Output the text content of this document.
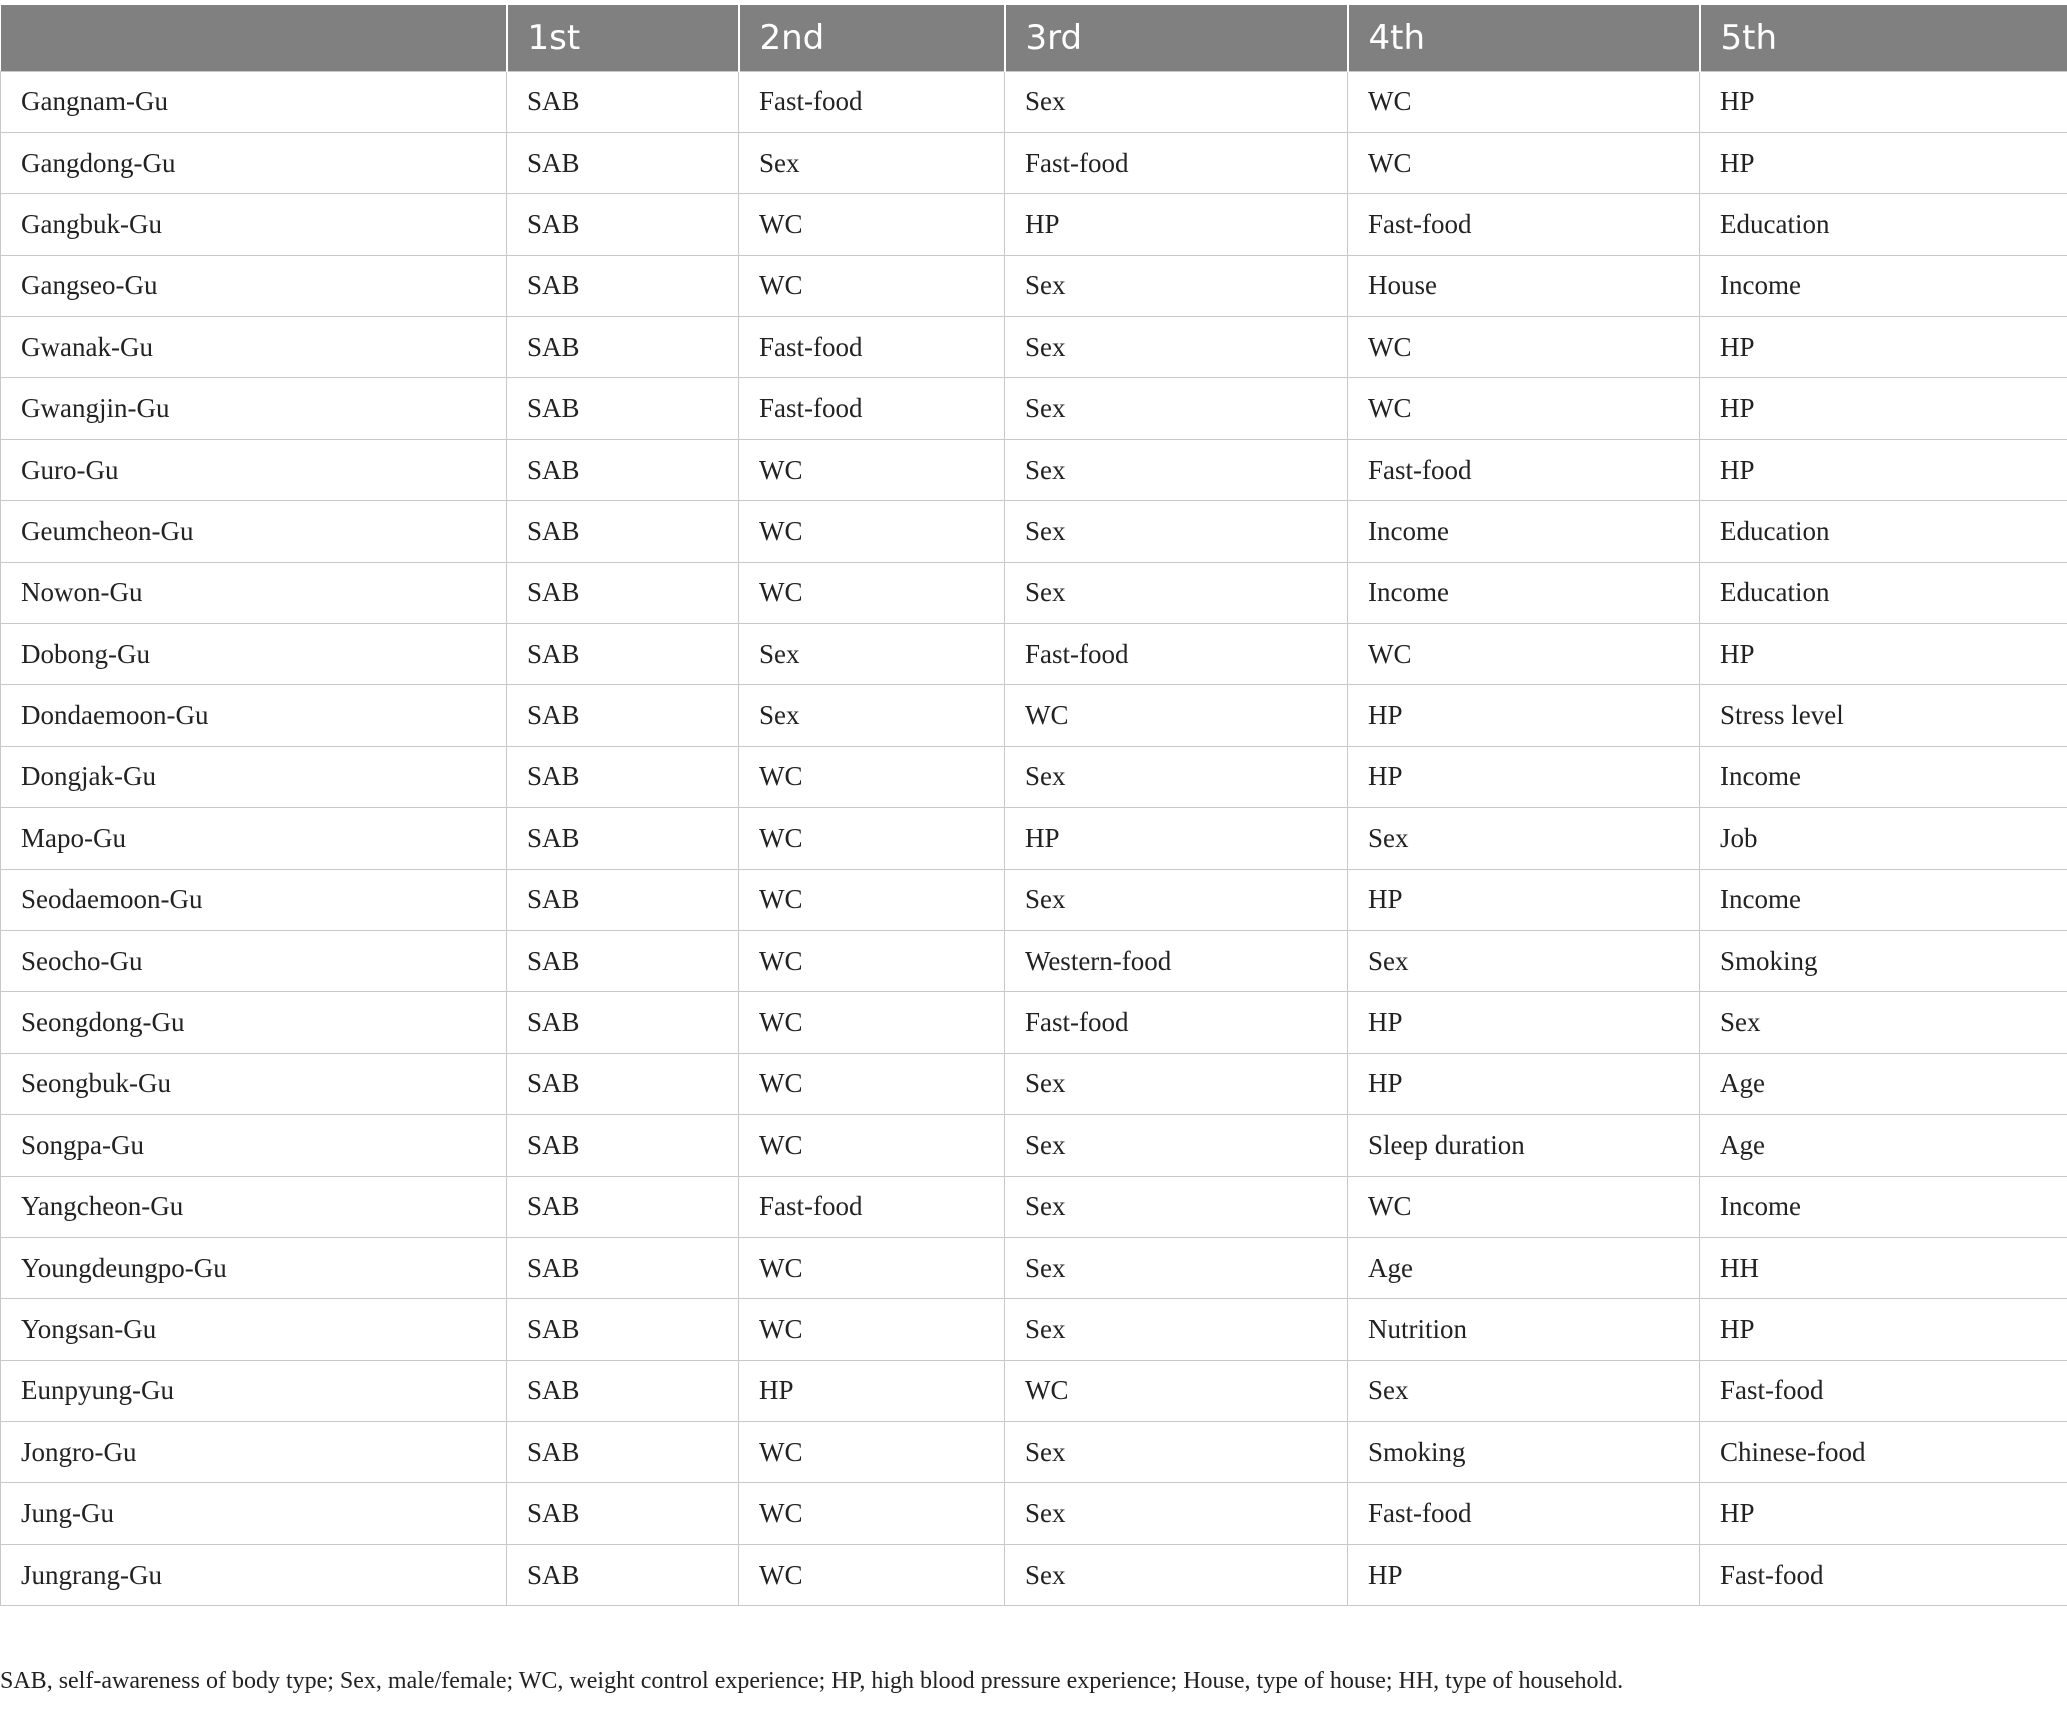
	1st	2nd	3rd	4th	5th
Gangnam-Gu	SAB	Fast-food	Sex	WC	HP
Gangdong-Gu	SAB	Sex	Fast-food	WC	HP
Gangbuk-Gu	SAB	WC	HP	Fast-food	Education
Gangseo-Gu	SAB	WC	Sex	House	Income
Gwanak-Gu	SAB	Fast-food	Sex	WC	HP
Gwangjin-Gu	SAB	Fast-food	Sex	WC	HP
Guro-Gu	SAB	WC	Sex	Fast-food	HP
Geumcheon-Gu	SAB	WC	Sex	Income	Education
Nowon-Gu	SAB	WC	Sex	Income	Education
Dobong-Gu	SAB	Sex	Fast-food	WC	HP
Dondaemoon-Gu	SAB	Sex	WC	HP	Stress level
Dongjak-Gu	SAB	WC	Sex	HP	Income
Mapo-Gu	SAB	WC	HP	Sex	Job
Seodaemoon-Gu	SAB	WC	Sex	HP	Income
Seocho-Gu	SAB	WC	Western-food	Sex	Smoking
Seongdong-Gu	SAB	WC	Fast-food	HP	Sex
Seongbuk-Gu	SAB	WC	Sex	HP	Age
Songpa-Gu	SAB	WC	Sex	Sleep duration	Age
Yangcheon-Gu	SAB	Fast-food	Sex	WC	Income
Youngdeungpo-Gu	SAB	WC	Sex	Age	HH
Yongsan-Gu	SAB	WC	Sex	Nutrition	HP
Eunpyung-Gu	SAB	HP	WC	Sex	Fast-food
Jongro-Gu	SAB	WC	Sex	Smoking	Chinese-food
Jung-Gu	SAB	WC	Sex	Fast-food	HP
Jungrang-Gu	SAB	WC	Sex	HP	Fast-food
SAB, self-awareness of body type; Sex, male/female; WC, weight control experience; HP, high blood pressure experience; House, type of house; HH, type of household.
